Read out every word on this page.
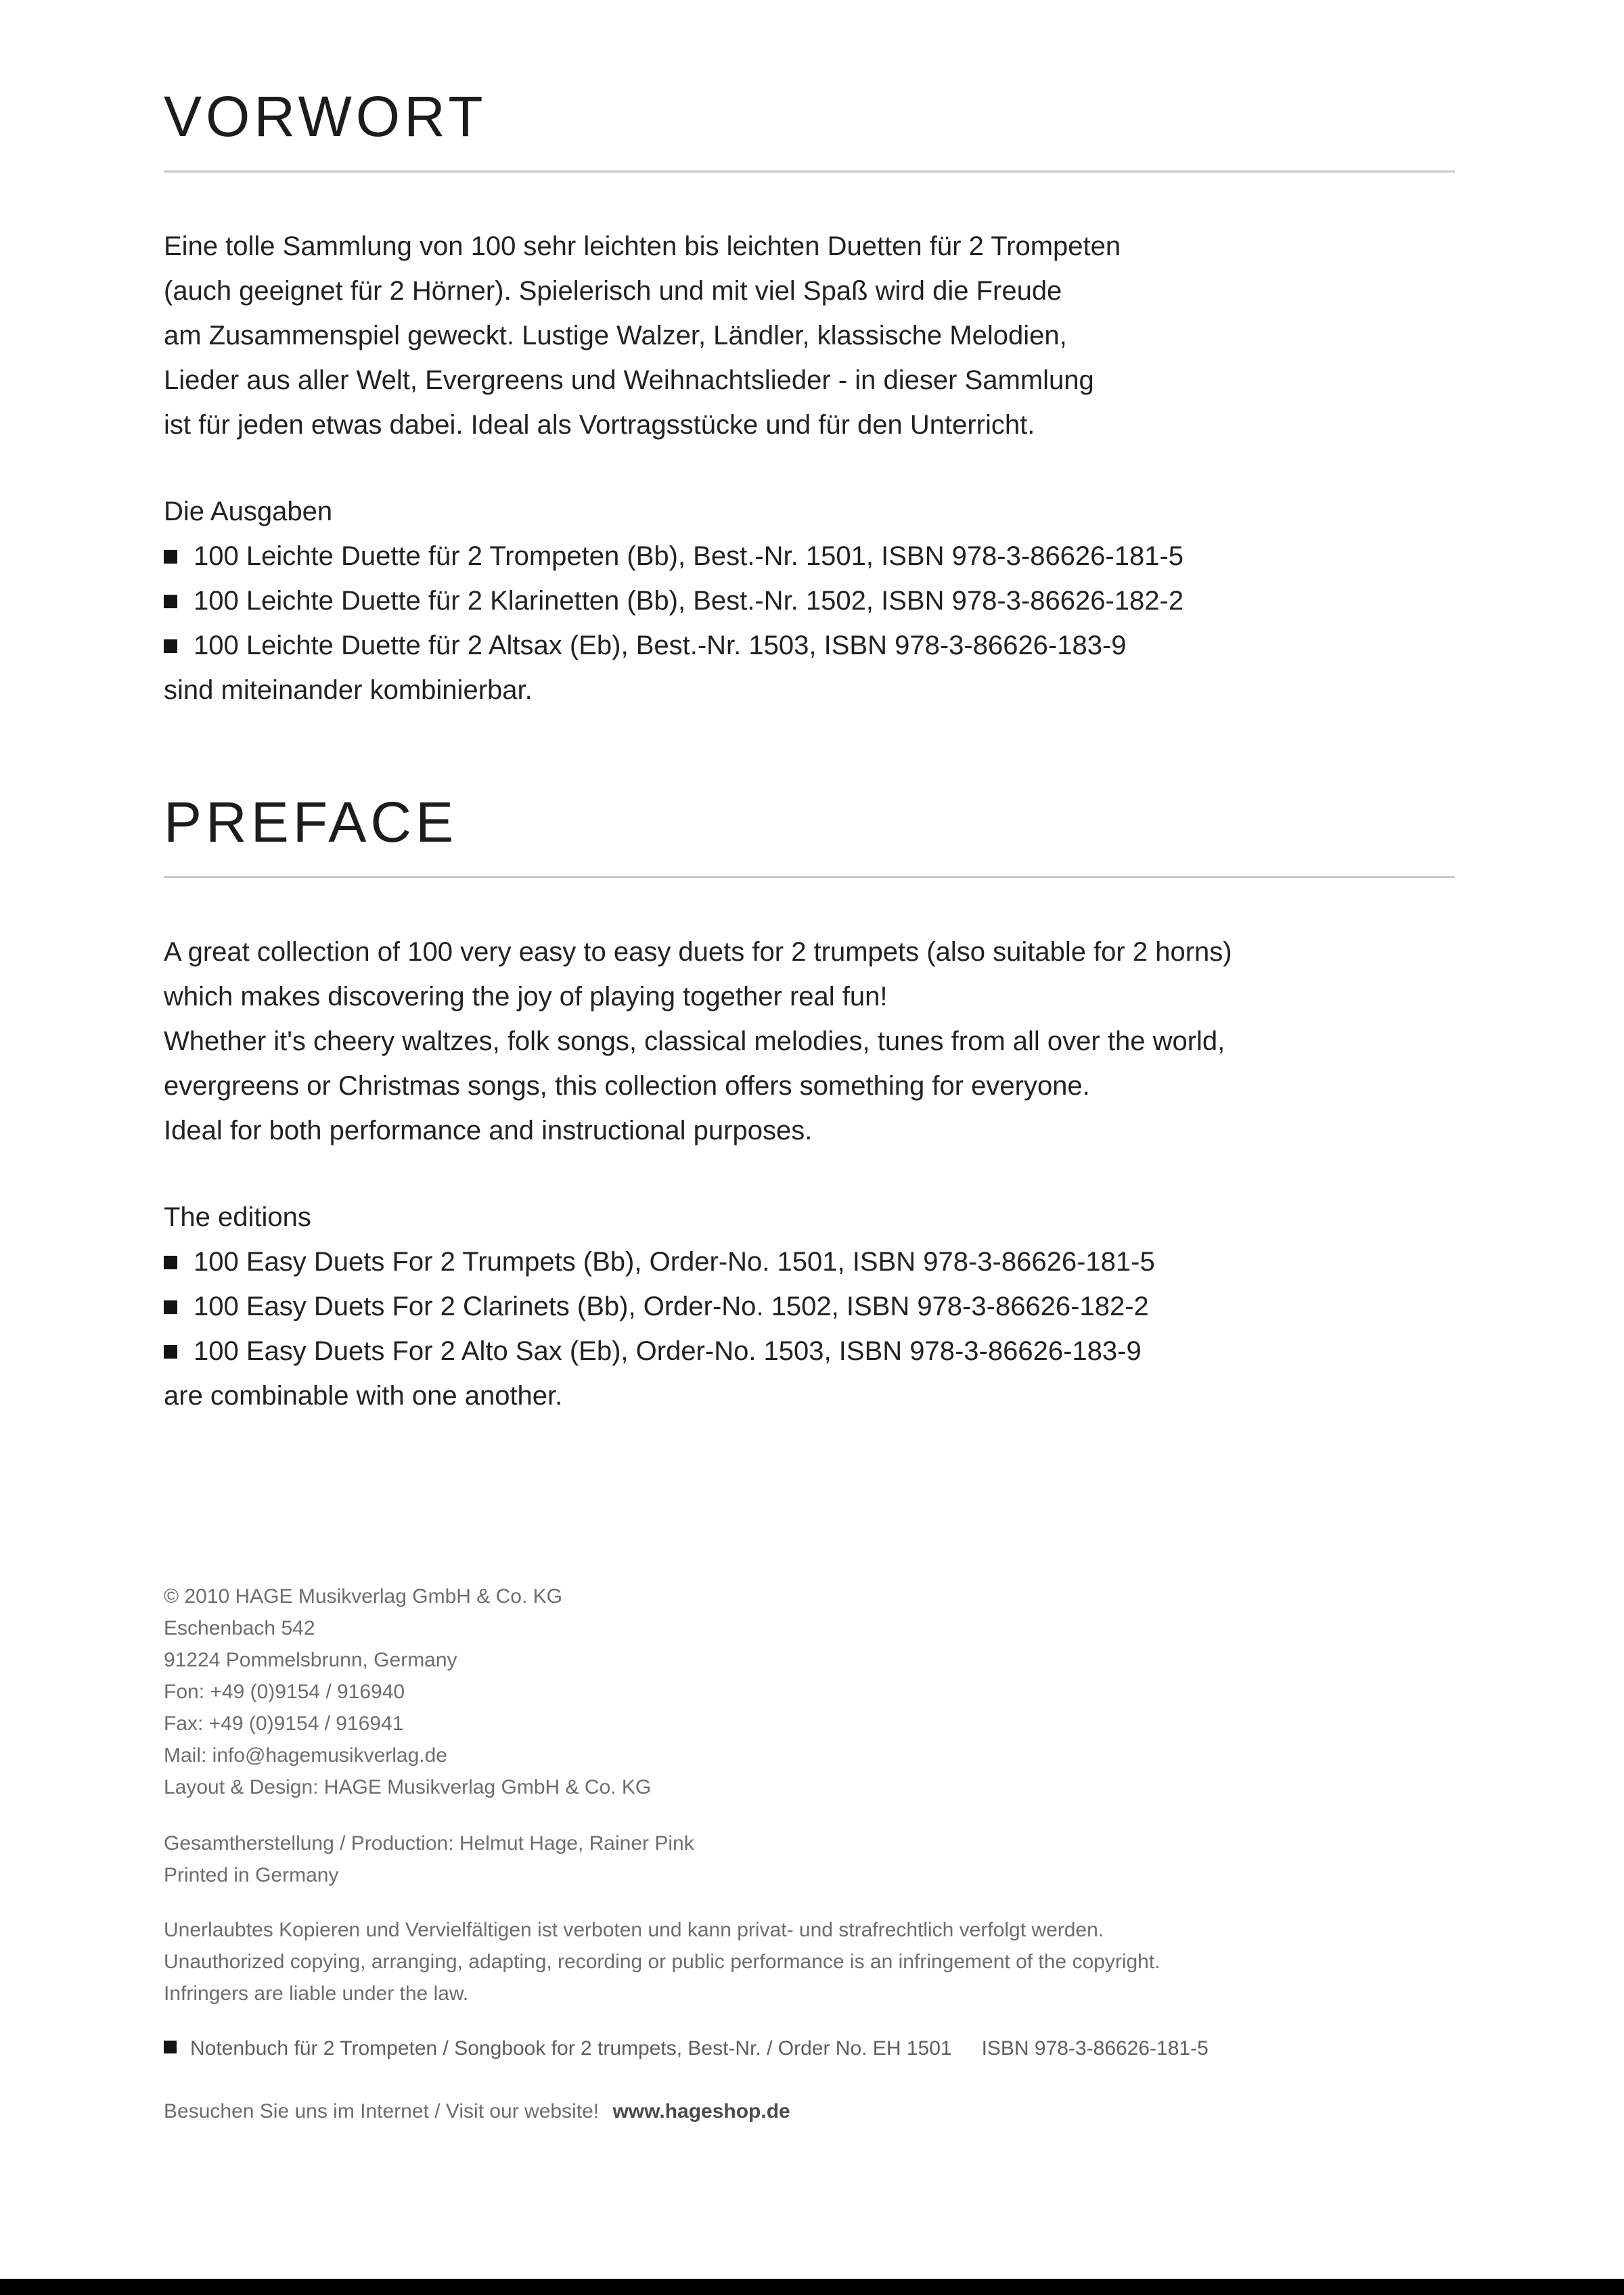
VORWORT
Eine tolle Sammlung von 100 sehr leichten bis leichten Duetten für 2 Trompeten
(auch geeignet für 2 Hörner). Spielerisch und mit viel Spaß wird die Freude
am Zusammenspiel geweckt. Lustige Walzer, Ländler, klassische Melodien,
Lieder aus aller Welt, Evergreens und Weihnachtslieder - in dieser Sammlung
ist für jeden etwas dabei. Ideal als Vortragsstücke und für den Unterricht.
Die Ausgaben
100 Leichte Duette für 2 Trompeten (Bb), Best.-Nr. 1501, ISBN 978-3-86626-181-5
100 Leichte Duette für 2 Klarinetten (Bb), Best.-Nr. 1502, ISBN 978-3-86626-182-2
100 Leichte Duette für 2 Altsax (Eb), Best.-Nr. 1503, ISBN 978-3-86626-183-9
sind miteinander kombinierbar.
PREFACE
A great collection of 100 very easy to easy duets for 2 trumpets (also suitable for 2 horns)
which makes discovering the joy of playing together real fun!
Whether it's cheery waltzes, folk songs, classical melodies, tunes from all over the world,
evergreens or Christmas songs, this collection offers something for everyone.
Ideal for both performance and instructional purposes.
The editions
100 Easy Duets For 2 Trumpets (Bb), Order-No. 1501, ISBN 978-3-86626-181-5
100 Easy Duets For 2 Clarinets (Bb), Order-No. 1502, ISBN 978-3-86626-182-2
100 Easy Duets For 2 Alto Sax (Eb), Order-No. 1503, ISBN 978-3-86626-183-9
are combinable with one another.
© 2010 HAGE Musikverlag GmbH & Co. KG
Eschenbach 542
91224 Pommelsbrunn, Germany
Fon: +49 (0)9154 / 916940
Fax: +49 (0)9154 / 916941
Mail: info@hagemusikverlag.de
Layout & Design: HAGE Musikverlag GmbH & Co. KG
Gesamtherstellung / Production: Helmut Hage, Rainer Pink
Printed in Germany
Unerlaubtes Kopieren und Vervielfältigen ist verboten und kann privat- und strafrechtlich verfolgt werden.
Unauthorized copying, arranging, adapting, recording or public performance is an infringement of the copyright.
Infringers are liable under the law.
Notenbuch für 2 Trompeten / Songbook for 2 trumpets, Best-Nr. / Order No. EH 1501 ISBN 978-3-86626-181-5
Besuchen Sie uns im Internet / Visit our website! www.hageshop.de
